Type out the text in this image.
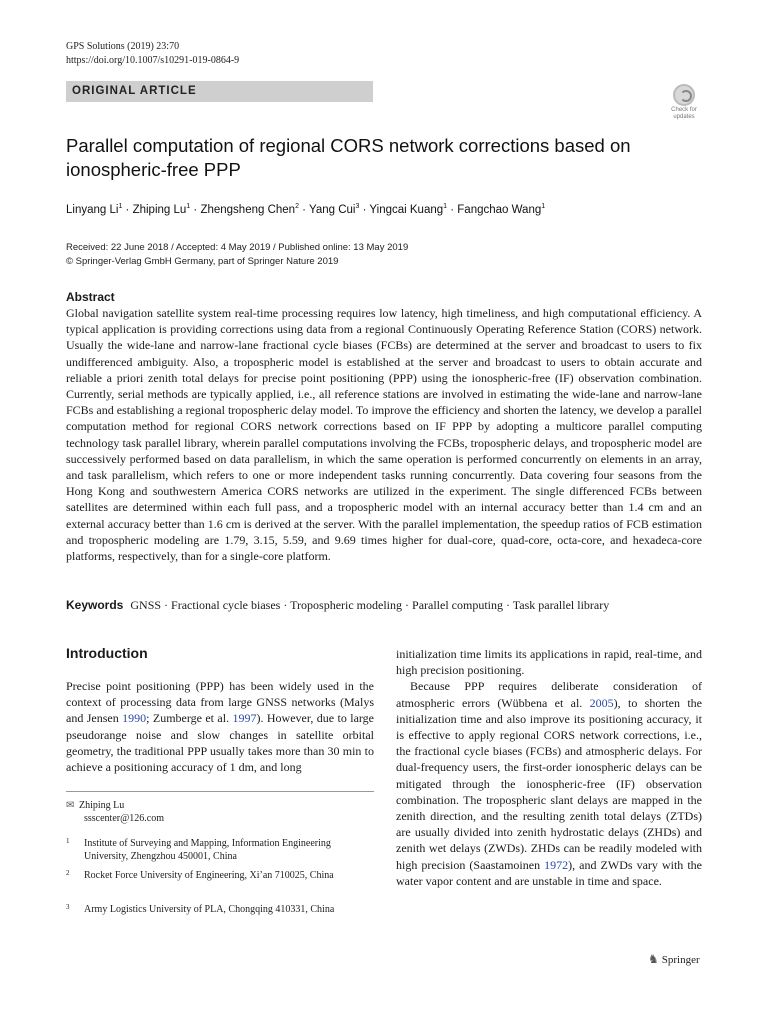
GPS Solutions (2019) 23:70
https://doi.org/10.1007/s10291-019-0864-9
ORIGINAL ARTICLE
Check for
updates
Parallel computation of regional CORS network corrections based on ionospheric-free PPP
Linyang $Li^1$ · Zhiping $Lu^1$ · Zhengsheng Chen$^2$ · Yang Cui$^3$ · Yingcai Kuang$^1$ · Fangchao Wang$^1$
Received: 22 June 2018 / Accepted: 4 May 2019 / Published online: 13 May 2019
© Springer-Verlag GmbH Germany, part of Springer Nature 2019
Abstract
Global navigation satellite system real-time processing requires low latency, high timeliness, and high computational efficiency. A typical application is providing corrections using data from a regional Continuously Operating Reference Station (CORS) network. Usually the wide-lane and narrow-lane fractional cycle biases (FCBs) are determined at the server and broadcast to users to fix undifferenced ambiguity. Also, a tropospheric model is established at the server and broadcast to users to obtain accurate and reliable a priori zenith total delays for precise point positioning (PPP) using the ionospheric-free (IF) observation combination. Currently, serial methods are typically applied, i.e., all reference stations are involved in estimating the wide-lane and narrow-lane FCBs and establishing a regional tropospheric delay model. To improve the efficiency and shorten the latency, we develop a parallel computation method for regional CORS network corrections based on IF PPP by adopting a multicore parallel computing technology task parallel library, wherein parallel computations involving the FCBs, tropospheric delays, and tropospheric model are successively performed based on data parallelism, in which the same operation is performed concurrently on elements in an array, and task parallelism, which refers to one or more independent tasks running concurrently. Data covering four seasons from the Hong Kong and southwestern America CORS networks are utilized in the experiment. The single differenced FCBs between satellites are determined within each full pass, and a tropospheric model with an internal accuracy better than 1.4 cm and an external accuracy better than 1.6 cm is derived at the server. With the parallel implementation, the speedup ratios of FCB estimation and tropospheric modeling are 1.79, 3.15, 5.59, and 9.69 times higher for dual-core, quad-core, octa-core, and hexadeca-core platforms, respectively, than for a single-core platform.
Keywords GNSS · Fractional cycle biases · Tropospheric modeling · Parallel computing · Task parallel library
Introduction
Precise point positioning (PPP) has been widely used in the context of processing data from large GNSS networks (Malys and Jensen 1990; Zumberge et al. 1997). However, due to large pseudorange noise and slow changes in satellite orbital geometry, the traditional PPP usually takes more than 30 min to achieve a positioning accuracy of 1 dm, and long

initialization time limits its applications in rapid, real-time, and high precision positioning.

Because PPP requires deliberate consideration of atmospheric errors (Wübbena et al. 2005), to shorten the initialization time and also improve its positioning accuracy, it is effective to apply regional CORS network corrections, i.e., the fractional cycle biases (FCBs) and atmospheric delays. For dual-frequency users, the first-order ionospheric delays can be mitigated through the ionospheric-free (IF) observation combination. The tropospheric slant delays are mapped in the zenith direction, and the resulting zenith total delays (ZTDs) are usually divided into zenith hydrostatic delays (ZHDs) and zenith wet delays (ZWDs). ZHDs can be readily modeled with high precision (Saastamoinen 1972), and ZWDs vary with the water vapor content and are unstable in time and space.

✉ Zhiping Lu
ssscenter@126.com
1	Institute of Surveying and Mapping, Information Engineering University, Zhengzhou 450001, China
2	Rocket Force University of Engineering, Xi’an 710025, China
3	Army Logistics University of PLA, Chongqing 410331, China
♞ Springer
